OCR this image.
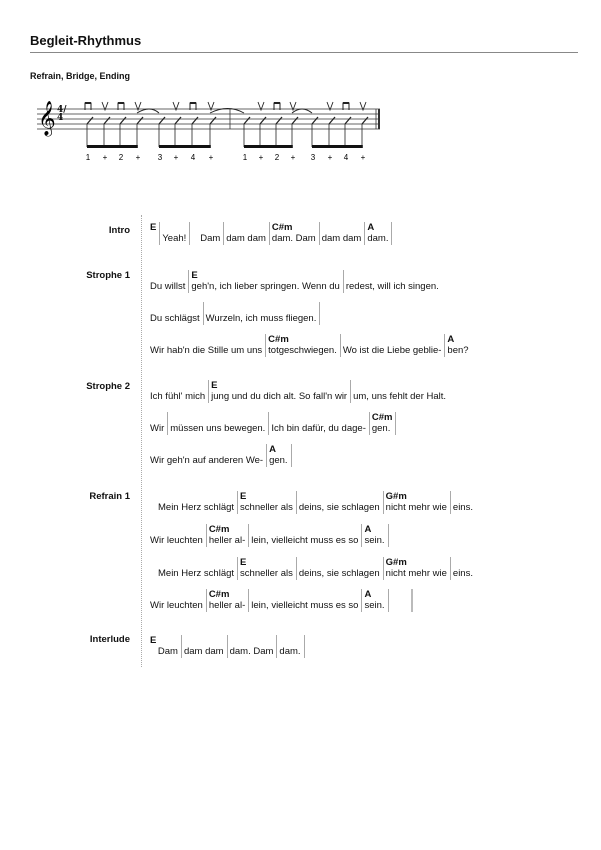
Begleit-Rhythmus
Refrain, Bridge, Ending
𝄞
1 + 2 + 3 + 4 +	1 + 2 + 3 + 4 +
4/4
Intro E
Yeah! Dam dam dam
C#m
dam. Dam dam dam
A
dam.
Strophe 1
Du willst
E
geh'n, ich lieber springen. Wenn du redest, will ich singen.
Du schlägst Wurzeln, ich muss fliegen.
Wir hab'n die Stille um uns
C#m
totgeschwiegen. Wo ist die Liebe geblie-
A
ben?
Strophe 2
Ich fühl' mich
E
jung und du dich alt. So fall'n wir um, uns fehlt der Halt.
Wir müssen uns bewegen. Ich bin dafür, du dage-
C#m
gen.
Wir geh'n auf anderen We-
A
gen.
Refrain 1
Mein Herz schlägt
E
schneller als deins, sie schlagen
G#m
nicht mehr wie eins.
Wir leuchten
C#m
heller al- lein, vielleicht muss es so
A
sein.
Mein Herz schlägt
E
schneller als deins, sie schlagen
G#m
nicht mehr wie eins.
Wir leuchten
C#m
heller al- lein, vielleicht muss es so
A
sein.
Interlude E
Dam dam dam dam. Dam dam.
